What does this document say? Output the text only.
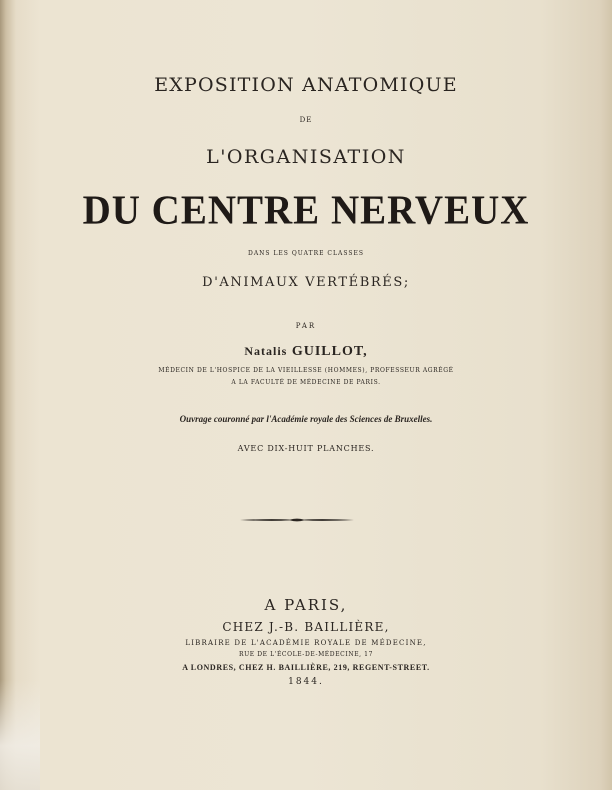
EXPOSITION ANATOMIQUE
DE
L'ORGANISATION
DU CENTRE NERVEUX
DANS LES QUATRE CLASSES
D'ANIMAUX VERTÉBRÉS;
PAR
Natalis GUILLOT,
MÉDECIN DE L'HOSPICE DE LA VIEILLESSE (HOMMES), PROFESSEUR AGRÉGÉ
A LA FACULTÉ DE MÉDECINE DE PARIS.
Ouvrage couronné par l'Académie royale des Sciences de Bruxelles.
AVEC DIX-HUIT PLANCHES.
A PARIS,
CHEZ J.-B. BAILLIÈRE,
LIBRAIRE DE L'ACADÉMIE ROYALE DE MÉDECINE,
RUE DE L'ÉCOLE-DE-MÉDECINE, 17
A LONDRES, CHEZ H. BAILLIÈRE, 219, REGENT-STREET.
1844.
